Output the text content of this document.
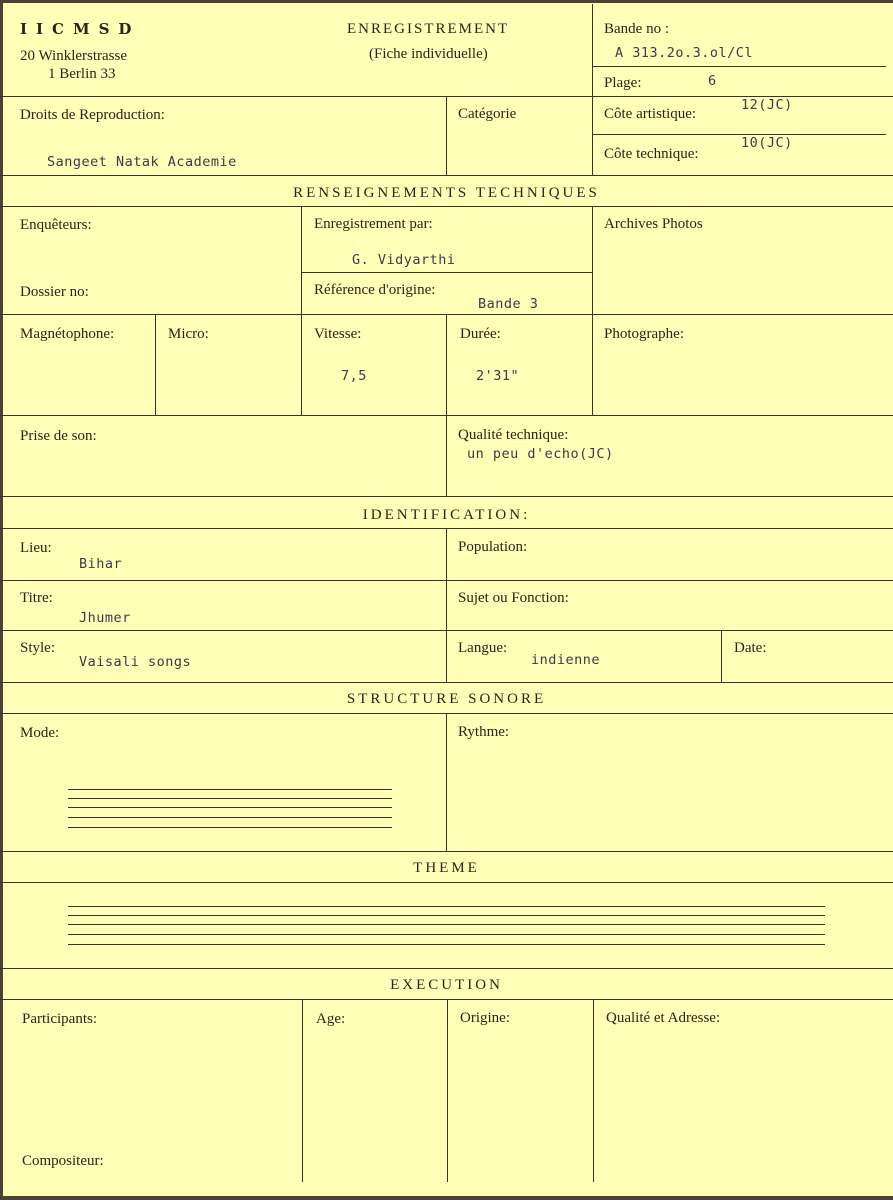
IICMSD
20 Winklerstrasse
1 Berlin 33
ENREGISTREMENT
(Fiche individuelle)
Bande no :
A 313.2o.3.ol/Cl
Plage:	6
Droits de Reproduction:
Sangeet Natak Academie
Catégorie	Côte artistique:
12(JC)
Côte technique:
10(JC)
RENSEIGNEMENTS TECHNIQUES
Enquêteurs:	Enregistrement par:
G. Vidyarthi
Archives Photos
Dossier no:	Référence d'origine:
Bande 3
Magnétophone:	Micro:	Vitesse:
7,5
Durée:
2'31"
Photographe:
Prise de son:	Qualité technique:
un peu d'echo(JC)
IDENTIFICATION:
Lieu:
Bihar
Population:
Titre:
Jhumer
Sujet ou Fonction:
Style:
Vaisali songs
Langue:
indienne
Date:
STRUCTURE SONORE
Mode:	Rythme:
THEME
EXECUTION
Participants:	Age:	Origine:	Qualité et Adresse:
Compositeur:
